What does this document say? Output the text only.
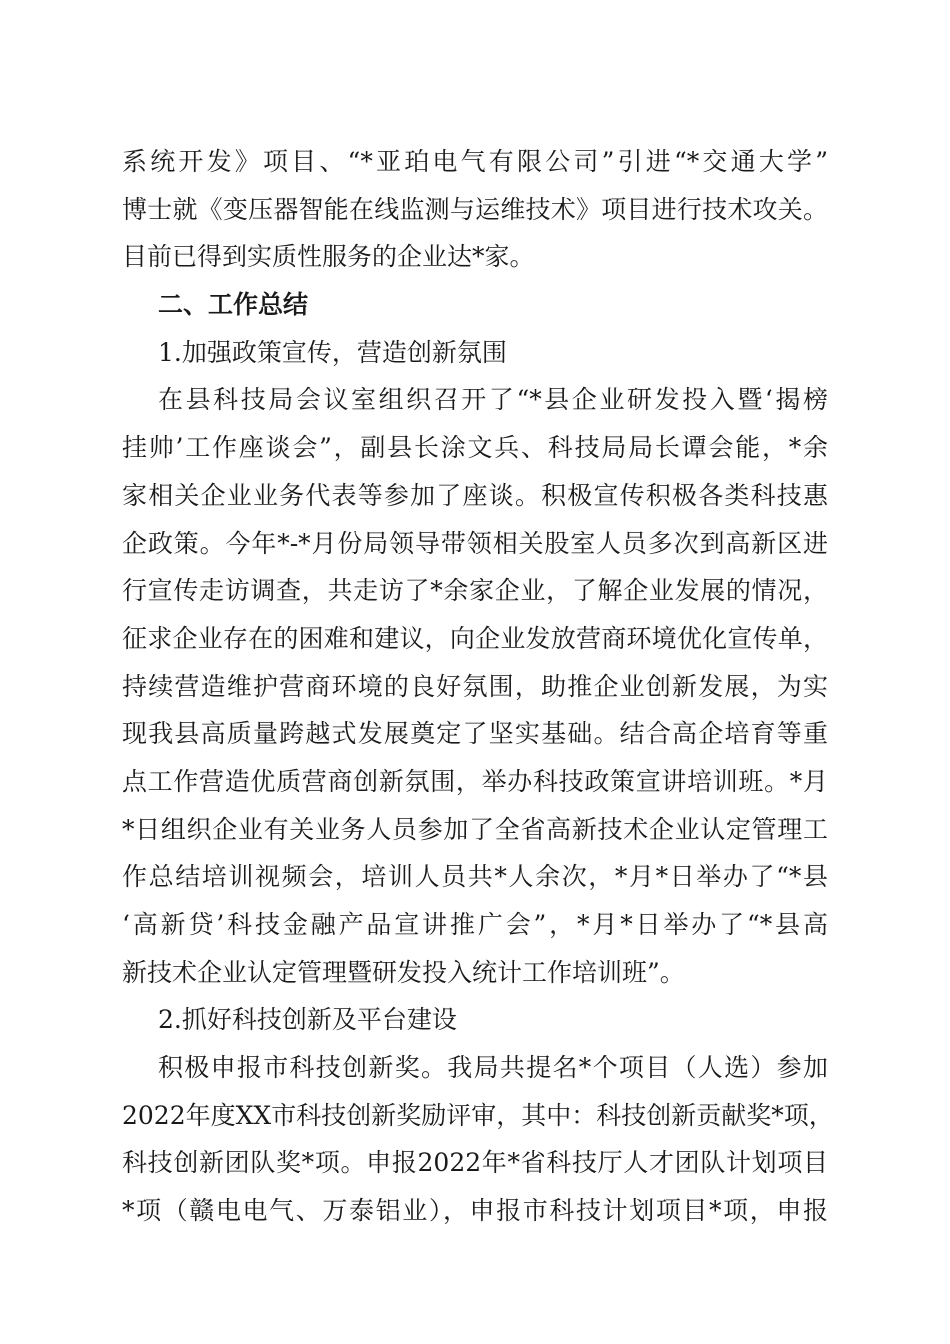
系统开发》项目、“*亚珀电气有限公司”引进“*交通大学”
博士就《变压器智能在线监测与运维技术》项目进行技术攻关。
目前已得到实质性服务的企业达*家。
二、工作总结
1.加强政策宣传，营造创新氛围
在县科技局会议室组织召开了“*县企业研发投入暨‘揭榜
挂帅’工作座谈会”，副县长涂文兵、科技局局长谭会能，*余
家相关企业业务代表等参加了座谈。积极宣传积极各类科技惠
企政策。今年*-*月份局领导带领相关股室人员多次到高新区进
行宣传走访调查，共走访了*余家企业，了解企业发展的情况，
征求企业存在的困难和建议，向企业发放营商环境优化宣传单，
持续营造维护营商环境的良好氛围，助推企业创新发展，为实
现我县高质量跨越式发展奠定了坚实基础。结合高企培育等重
点工作营造优质营商创新氛围，举办科技政策宣讲培训班。*月
*日组织企业有关业务人员参加了全省高新技术企业认定管理工
作总结培训视频会，培训人员共*人余次，*月*日举办了“*县
‘高新贷’科技金融产品宣讲推广会”，*月*日举办了“*县高
新技术企业认定管理暨研发投入统计工作培训班”。
2.抓好科技创新及平台建设
积极申报市科技创新奖。我局共提名*个项目（人选）参加
2022年度XX市科技创新奖励评审，其中：科技创新贡献奖*项，
科技创新团队奖*项。申报2022年*省科技厅人才团队计划项目
*项（赣电电气、万泰铝业），申报市科技计划项目*项，申报
